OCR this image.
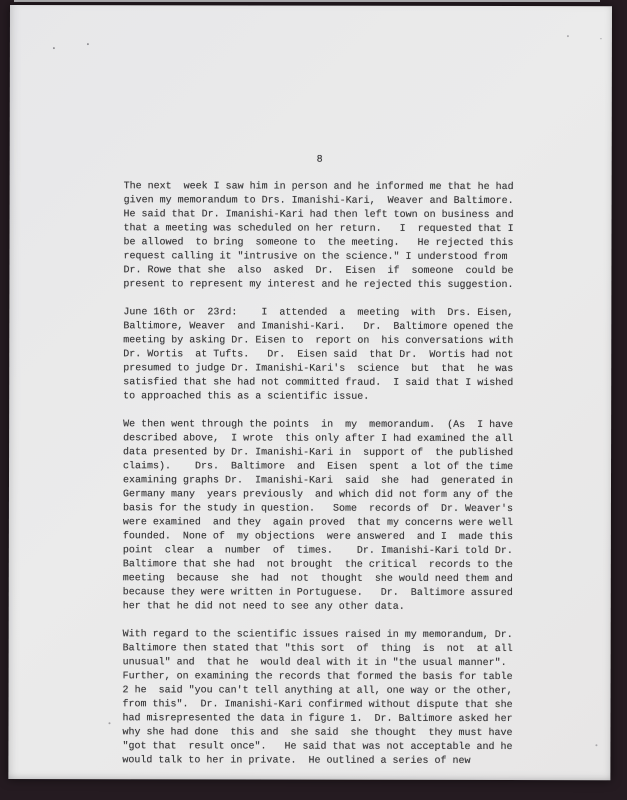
8
The next  week I saw him in person and he informed me that he had
given my memorandum to Drs. Imanishi-Kari,  Weaver and Baltimore.
He said that Dr. Imanishi-Kari had then left town on business and
that a meeting was scheduled on her return.   I  requested that I
be allowed  to bring  someone to  the meeting.   He rejected this
request calling it "intrusive on the science." I understood from
Dr. Rowe that she  also  asked  Dr.  Eisen  if  someone  could be
present to represent my interest and he rejected this suggestion.
June 16th or  23rd:    I  attended  a  meeting  with  Drs. Eisen,
Baltimore, Weaver  and Imanishi-Kari.   Dr.  Baltimore opened the
meeting by asking Dr. Eisen to  report on  his conversations with
Dr. Wortis  at Tufts.   Dr.  Eisen said  that Dr.  Wortis had not
presumed to judge Dr. Imanishi-Kari's  science  but  that  he was
satisfied that she had not committed fraud.  I said that I wished
to approached this as a scientific issue.
We then went through the points  in  my  memorandum.  (As  I have
described above,  I wrote  this only after I had examined the all
data presented by Dr. Imanishi-Kari in  support of  the published
claims).    Drs.  Baltimore  and  Eisen  spent  a lot of the time
examining graphs Dr.  Imanishi-Kari  said  she  had  generated in
Germany many  years previously  and which did not form any of the
basis for the study in question.   Some  records of  Dr. Weaver's
were examined  and they  again proved  that my concerns were well
founded.  None of  my objections  were answered  and I  made this
point  clear  a  number  of  times.    Dr. Imanishi-Kari told Dr.
Baltimore that she had  not brought  the critical  records to the
meeting  because  she  had  not  thought  she would need them and
because they were written in Portuguese.   Dr.  Baltimore assured
her that he did not need to see any other data.
With regard to the scientific issues raised in my memorandum, Dr.
Baltimore then stated that "this sort  of  thing  is  not  at all
unusual" and  that he  would deal with it in "the usual manner".
Further, on examining the records that formed the basis for table
2 he  said "you can't tell anything at all, one way or the other,
from this".  Dr. Imanishi-Kari confirmed without dispute that she
had misrepresented the data in figure 1.  Dr. Baltimore asked her
why she had done  this and  she said  she thought  they must have
"got that  result once".   He said that was not acceptable and he
would talk to her in private.  He outlined a series of new
